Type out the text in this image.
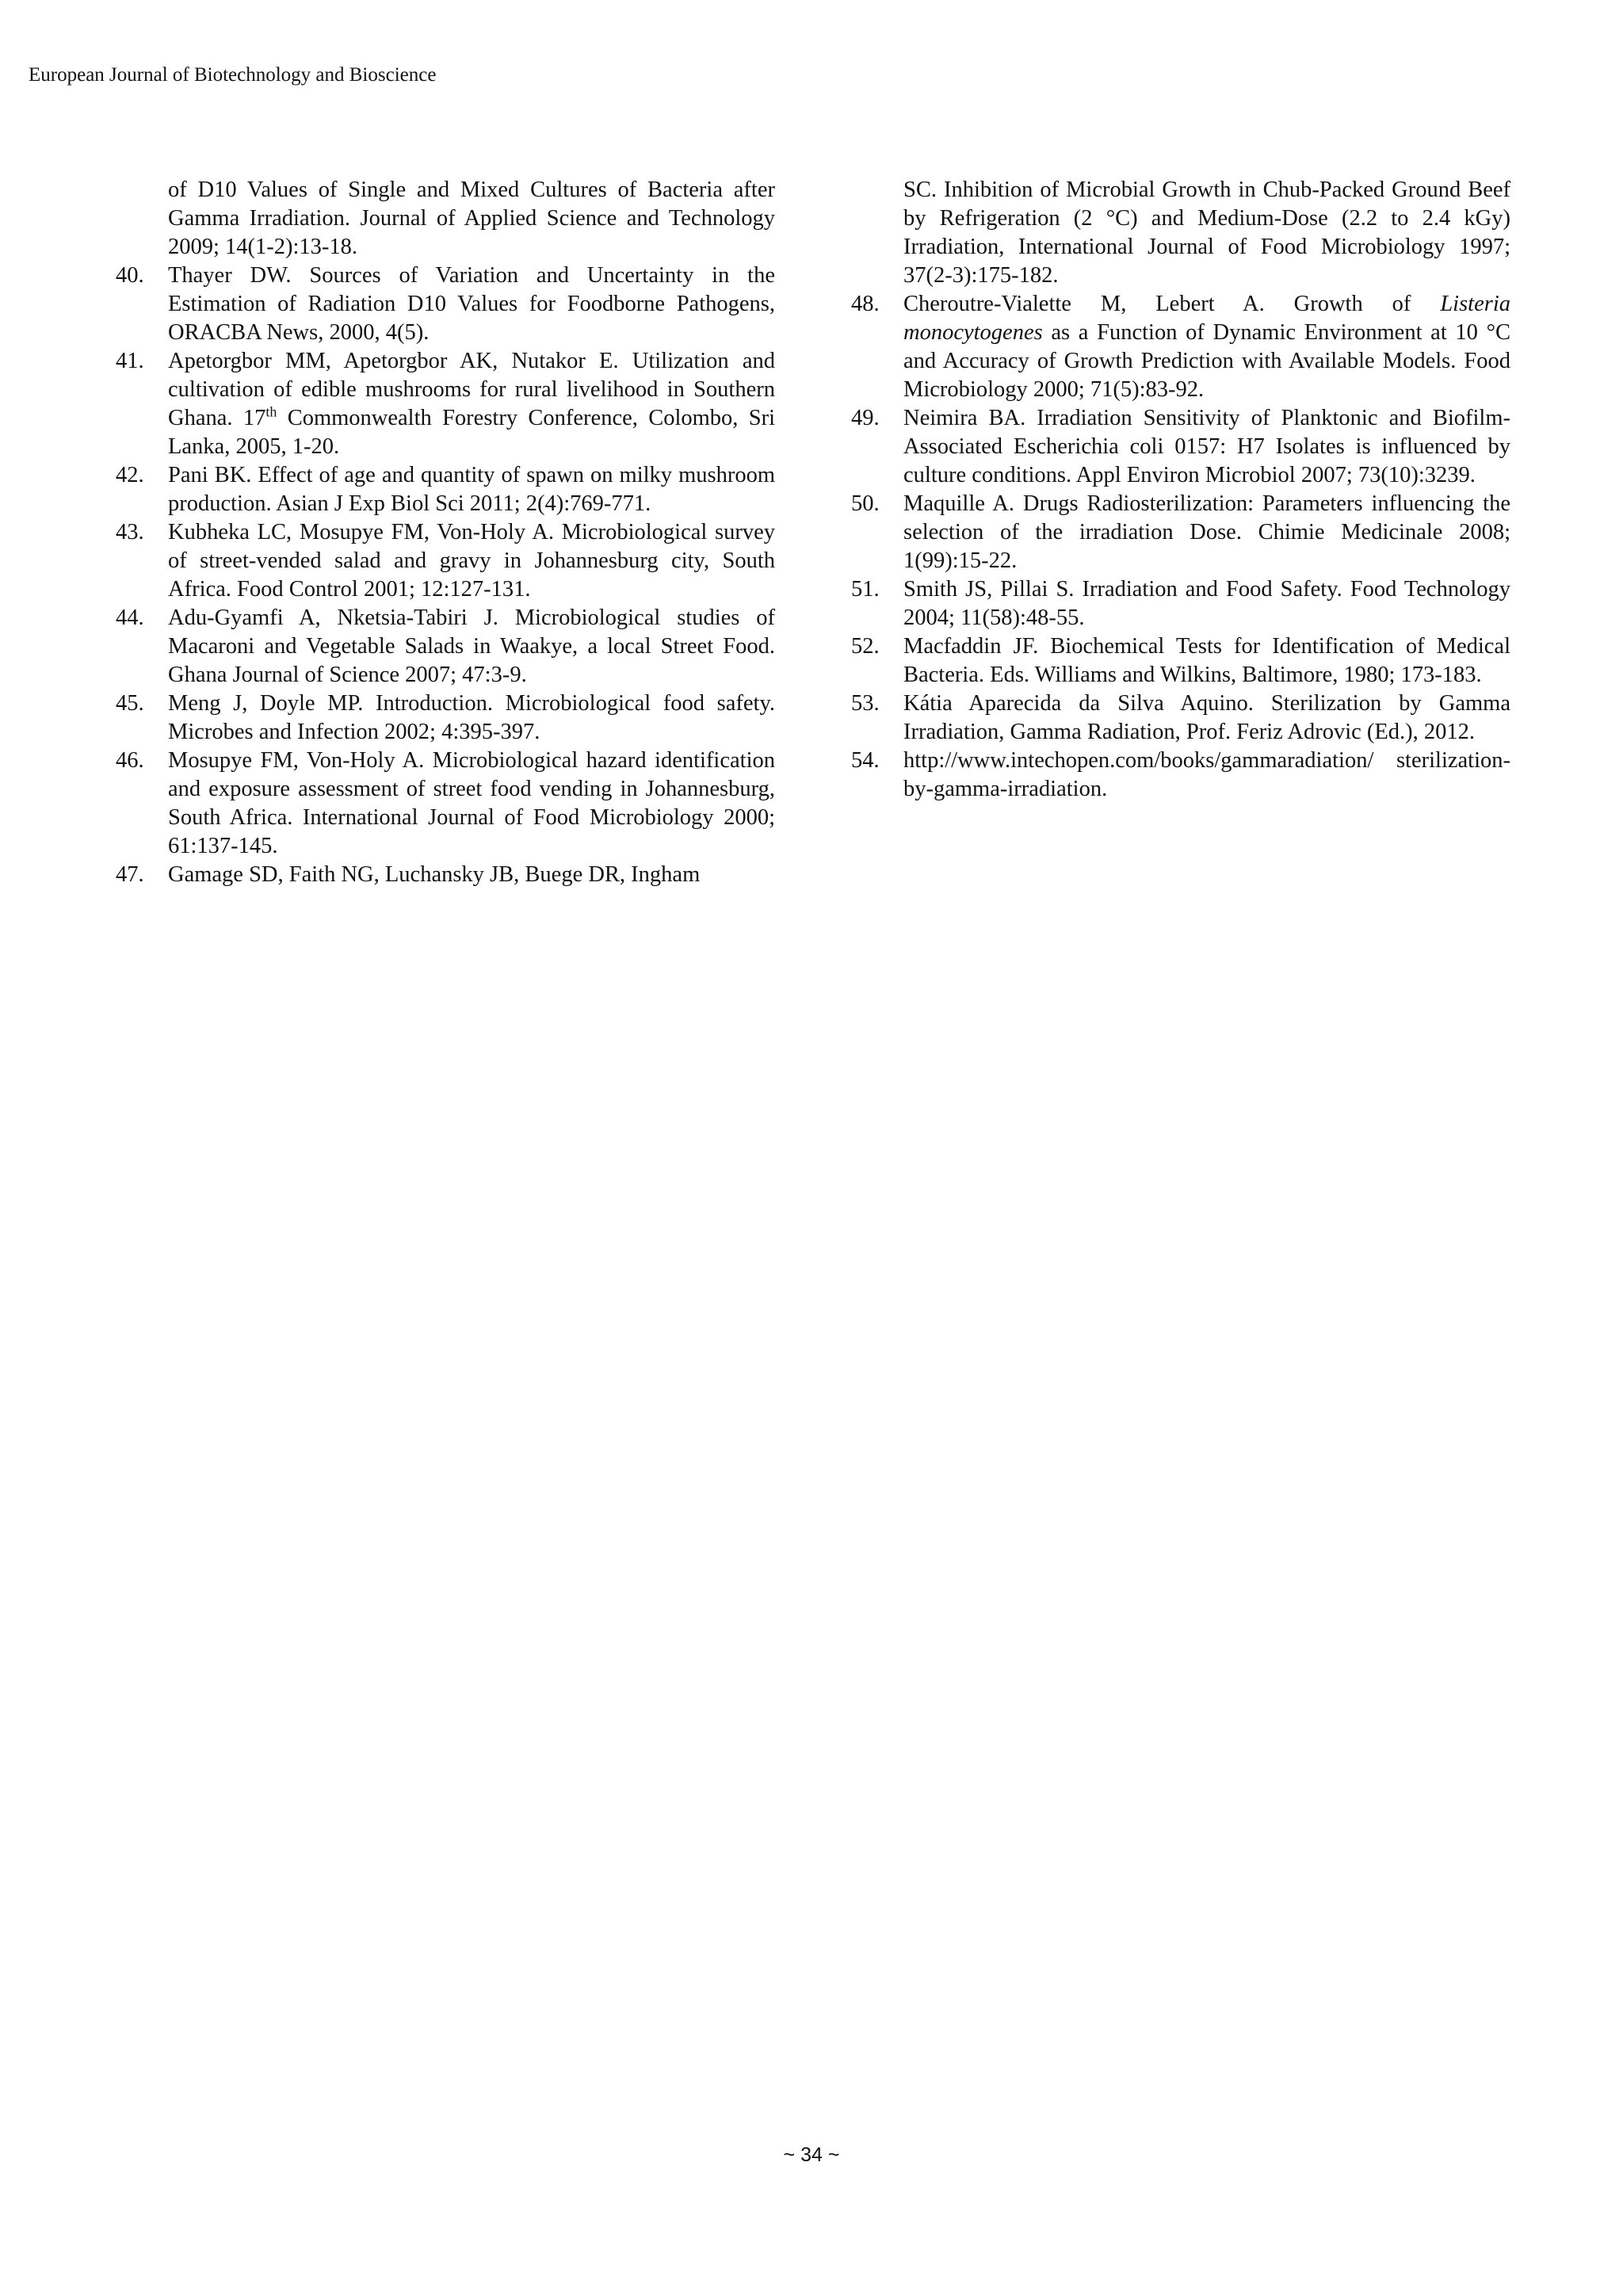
European Journal of Biotechnology and Bioscience
of D10 Values of Single and Mixed Cultures of Bacteria after Gamma Irradiation. Journal of Applied Science and Technology 2009; 14(1-2):13-18.
40. Thayer DW. Sources of Variation and Uncertainty in the Estimation of Radiation D10 Values for Foodborne Pathogens, ORACBA News, 2000, 4(5).
41. Apetorgbor MM, Apetorgbor AK, Nutakor E. Utilization and cultivation of edible mushrooms for rural livelihood in Southern Ghana. 17th Commonwealth Forestry Conference, Colombo, Sri Lanka, 2005, 1-20.
42. Pani BK. Effect of age and quantity of spawn on milky mushroom production. Asian J Exp Biol Sci 2011; 2(4):769-771.
43. Kubheka LC, Mosupye FM, Von-Holy A. Microbiological survey of street-vended salad and gravy in Johannesburg city, South Africa. Food Control 2001; 12:127-131.
44. Adu-Gyamfi A, Nketsia-Tabiri J. Microbiological studies of Macaroni and Vegetable Salads in Waakye, a local Street Food. Ghana Journal of Science 2007; 47:3-9.
45. Meng J, Doyle MP. Introduction. Microbiological food safety. Microbes and Infection 2002; 4:395-397.
46. Mosupye FM, Von-Holy A. Microbiological hazard identification and exposure assessment of street food vending in Johannesburg, South Africa. International Journal of Food Microbiology 2000; 61:137-145.
47. Gamage SD, Faith NG, Luchansky JB, Buege DR, Ingham
SC. Inhibition of Microbial Growth in Chub-Packed Ground Beef by Refrigeration (2 °C) and Medium-Dose (2.2 to 2.4 kGy) Irradiation, International Journal of Food Microbiology 1997; 37(2-3):175-182.
48. Cheroutre-Vialette M, Lebert A. Growth of Listeria monocytogenes as a Function of Dynamic Environment at 10 °C and Accuracy of Growth Prediction with Available Models. Food Microbiology 2000; 71(5):83-92.
49. Neimira BA. Irradiation Sensitivity of Planktonic and Biofilm-Associated Escherichia coli 0157: H7 Isolates is influenced by culture conditions. Appl Environ Microbiol 2007; 73(10):3239.
50. Maquille A. Drugs Radiosterilization: Parameters influencing the selection of the irradiation Dose. Chimie Medicinale 2008; 1(99):15-22.
51. Smith JS, Pillai S. Irradiation and Food Safety. Food Technology 2004; 11(58):48-55.
52. Macfaddin JF. Biochemical Tests for Identification of Medical Bacteria. Eds. Williams and Wilkins, Baltimore, 1980; 173-183.
53. Kátia Aparecida da Silva Aquino. Sterilization by Gamma Irradiation, Gamma Radiation, Prof. Feriz Adrovic (Ed.), 2012.
54. http://www.intechopen.com/books/gammaradiation/ sterilization-by-gamma-irradiation.
~ 34 ~
